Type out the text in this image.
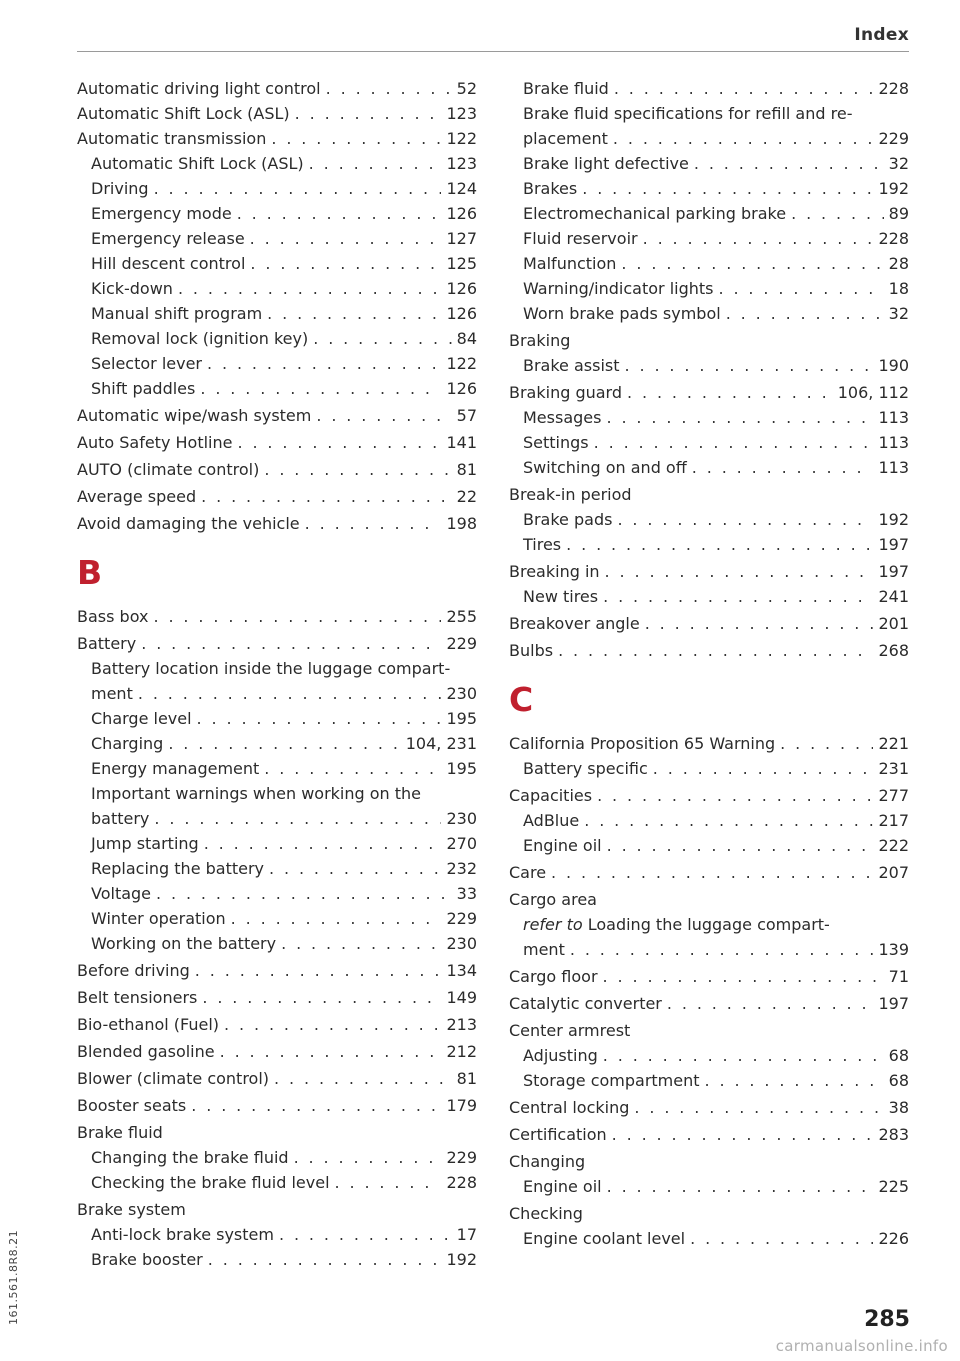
Index
Automatic driving light control . . .	52
Automatic Shift Lock (ASL) . . .	123
Automatic transmission . . .	122
Automatic Shift Lock (ASL) . . .	123
Driving . . .	124
Emergency mode . . .	126
Emergency release . . .	127
Hill descent control . . .	125
Kick-down . . .	126
Manual shift program . . .	126
Removal lock (ignition key) . . .	84
Selector lever . . .	122
Shift paddles . . .	126
Automatic wipe/wash system . . .	57
Auto Safety Hotline . . .	141
AUTO (climate control) . . .	81
Average speed . . .	22
Avoid damaging the vehicle . . .	198
B
Bass box . . .	255
Battery . . .	229
Battery location inside the luggage compart-
ment . . .	230
Charge level . . .	195
Charging . . .	104, 231
Energy management . . .	195
Important warnings when working on the
battery . . .	230
Jump starting . . .	270
Replacing the battery . . .	232
Voltage . . .	33
Winter operation . . .	229
Working on the battery . . .	230
Before driving . . .	134
Belt tensioners . . .	149
Bio-ethanol (Fuel) . . .	213
Blended gasoline . . .	212
Blower (climate control) . . .	81
Booster seats . . .	179
Brake fluid
Changing the brake fluid . . .	229
Checking the brake fluid level . . .	228
Brake system
Anti-lock brake system . . .	17
Brake booster . . .	192
Brake fluid . . .	228
Brake fluid specifications for refill and re-
placement . . .	229
Brake light defective . . .	32
Brakes . . .	192
Electromechanical parking brake . . .	89
Fluid reservoir . . .	228
Malfunction . . .	28
Warning/indicator lights . . .	18
Worn brake pads symbol . . .	32
Braking
Brake assist . . .	190
Braking guard . . .	106, 112
Messages . . .	113
Settings . . .	113
Switching on and off . . .	113
Break-in period
Brake pads . . .	192
Tires . . .	197
Breaking in . . .	197
New tires . . .	241
Breakover angle . . .	201
Bulbs . . .	268
C
California Proposition 65 Warning . . .	221
Battery specific . . .	231
Capacities . . .	277
AdBlue . . .	217
Engine oil . . .	222
Care . . .	207
Cargo area
refer to Loading the luggage compart-
ment . . .	139
Cargo floor . . .	71
Catalytic converter . . .	197
Center armrest
Adjusting . . .	68
Storage compartment . . .	68
Central locking . . .	38
Certification . . .	283
Changing
Engine oil . . .	225
Checking
Engine coolant level . . .	226
161.561.8R8.21	285
carmanualsonline.info
